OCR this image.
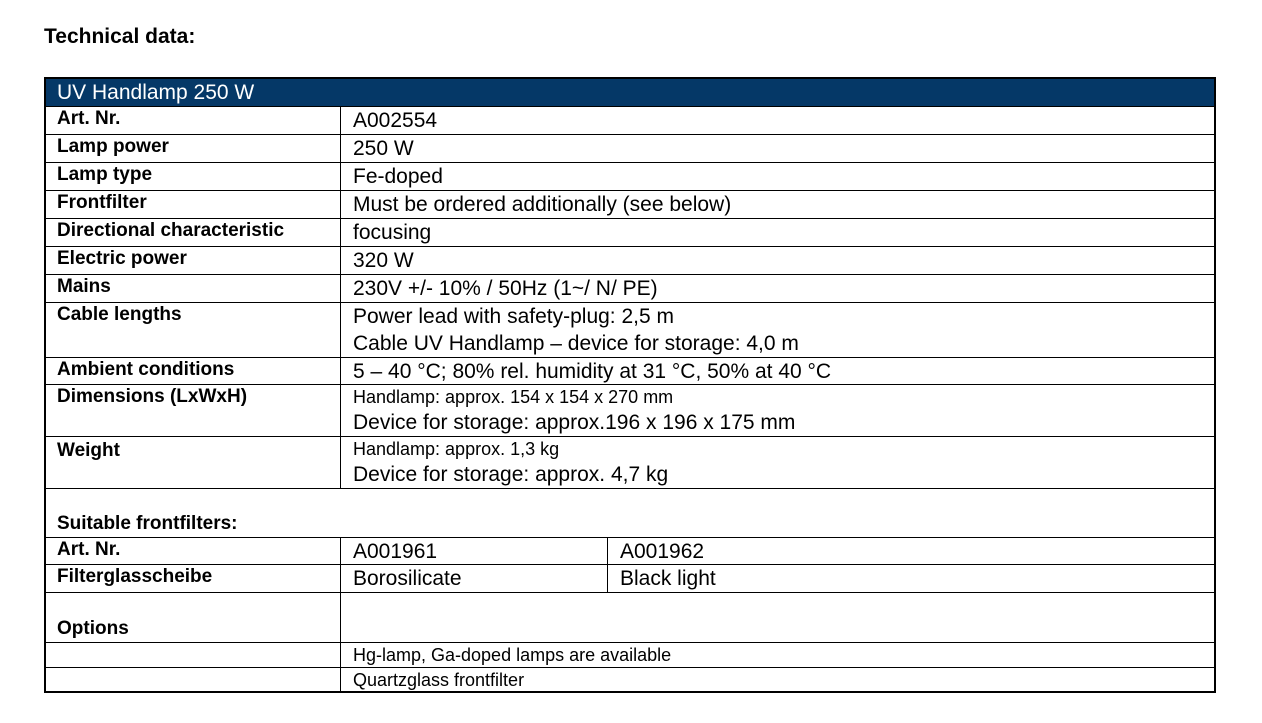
Technical data:
UV Handlamp 250 W
Art. Nr.	A002554
Lamp power	250 W
Lamp type	Fe-doped
Frontfilter	Must be ordered additionally (see below)
Directional characteristic	focusing
Electric power	320 W
Mains	230V +/- 10% / 50Hz (1~/ N/ PE)
Cable lengths	Power lead with safety-plug: 2,5 m
Cable UV Handlamp – device for storage: 4,0 m
Ambient conditions	5 – 40 °C; 80% rel. humidity at 31 °C, 50% at 40 °C
Dimensions (LxWxH)	Handlamp: approx. 154 x 154 x 270 mm
Device for storage: approx.196 x 196 x 175 mm
Weight	Handlamp: approx. 1,3 kg
Device for storage: approx. 4,7 kg
Suitable frontfilters:
Art. Nr.	A001961	A001962
Filterglasscheibe	Borosilicate	Black light
Options
Hg-lamp, Ga-doped lamps are available
Quartzglass frontfilter
